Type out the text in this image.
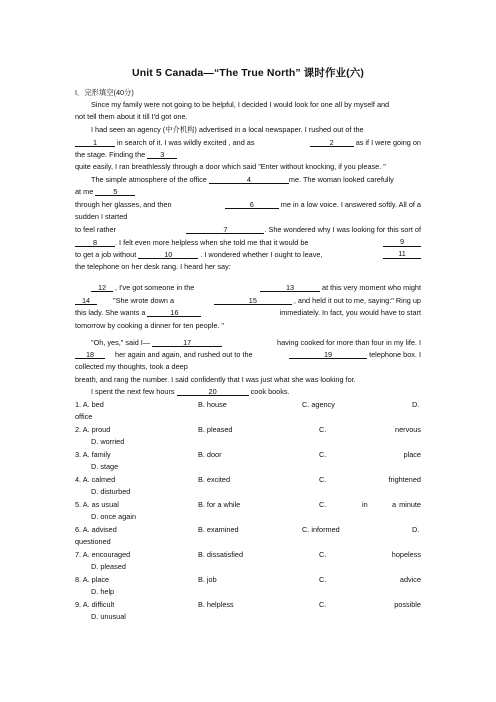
Unit 5 Canada—“The True North” 课时作业(六)
I．完形填空(40分)
Since my family were not going to be helpful, I decided I would look for one all by myself and
not tell them about it till I'd got one.
I had seen an agency (中介机构) advertised in a local newspaper. I rushed out of the
1	in search of it. I was wildly excited , and as	2	as if I were going on
the stage. Finding the 3
quite easily, I ran breathlessly through a door which said "Enter without knocking, if you please. "
The simple atmosphere of the office	4	me. The woman looked carefully
at me	5
through her glasses, and then	6	me in a low voice. I answered softly. All of a
sudden I started
to feel rather	7	. She wondered why I was looking for this sort of
8 . I felt even more helpless when she told me that it would be	9
to get a job without	10	. I wondered whether I ought to leave,	11
the telephone on her desk rang. I heard her say:
12 , I've got someone in the	13	at this very moment who might
14	"She wrote down a	15	, and held it out to me, saying:" Ring up
this lady. She wants a	16	immediately. In fact, you would have to start
tomorrow by cooking a dinner for ten people. "
"Oh, yes," said I—	17	having cooked for more than four in my life. I
18	her again and again, and rushed out to the	19	telephone box. I
collected my thoughts, took a deep
breath, and rang the number. I said confidently that I was just what she was looking for.
I spent the next few hours	20	cook books.
1. A. bed	B. house	C. agency	D.
office
2. A. proud	B. pleased	C.	nervous
D. worried
3. A. family	B. door	C.	place
D. stage
4. A. calmed	B. excited	C.	frightened
D. disturbed
5. A. as usual	B. for a while	C.	in	a minute
D. once again
6. A. advised	B. examined	C. informed	D.
questioned
7. A. encouraged	B. dissatisfied	C.	hopeless
D. pleased
8. A. place	B. job	C.	advice
D. help
9. A. difficult	B. helpless	C.	possible
D. unusual
